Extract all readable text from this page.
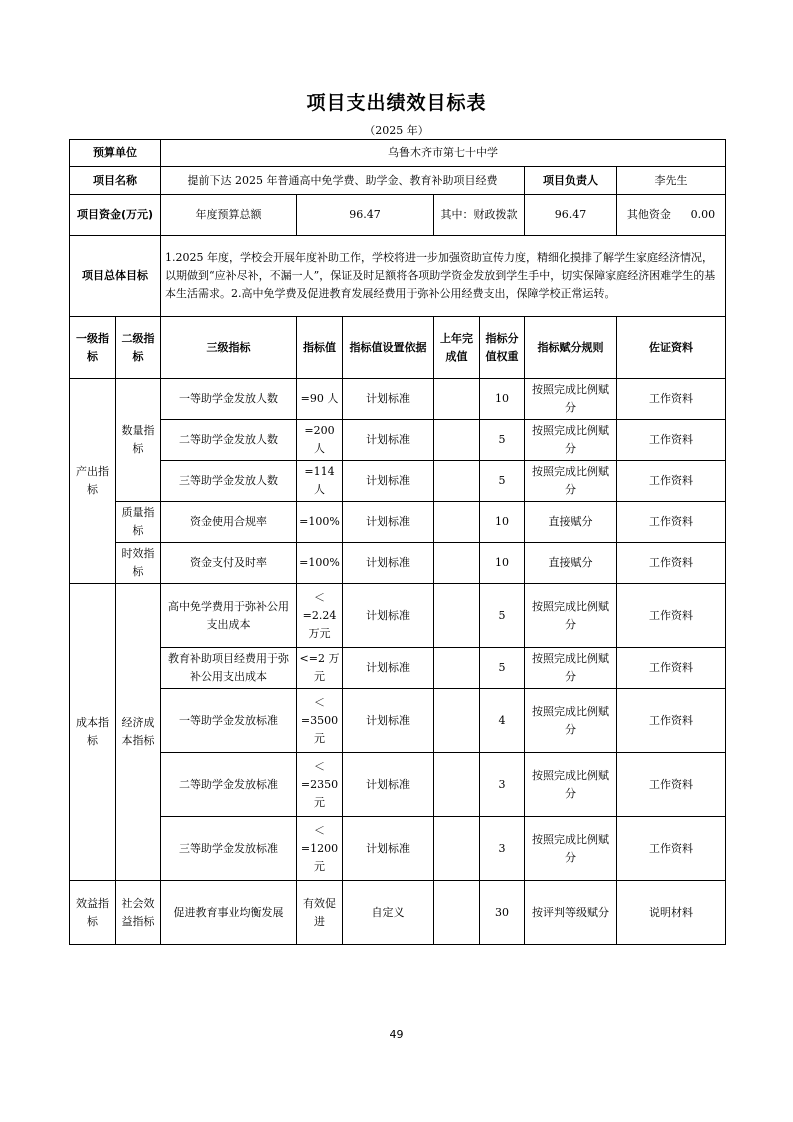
项目支出绩效目标表
（2025 年）
预算单位		乌鲁木齐市第七十中学						
项目名称		提前下达 2025 年普通高中免学费、助学金、教育补助项目经费					项目负责人	李先生
项目资金(万元)		年度预算总额	96.47		其中：财政拨款		96.47	其他资金 0.00

项目总体目标		1.2025 年度，学校会开展年度补助工作，学校将进一步加强资助宣传力度，精细化摸排了解学生家庭经济情况，以期做到“应补尽补，不漏一人”，保证及时足额将各项助学资金发放到学生手中，切实保障家庭经济困难学生的基本生活需求。2.高中免学费及促进教育发展经费用于弥补公用经费支出，保障学校正常运转。						
一级指标	二级指标	三级指标	指标值	指标值设置依据	上年完成值	指标分值权重	指标赋分规则	佐证资料
产出指标	数量指标	一等助学金发放人数	=90 人	计划标准		10	按照完成比例赋分	工作资料
		二等助学金发放人数	=200 人	计划标准		5	按照完成比例赋分	工作资料
		三等助学金发放人数	=114 人	计划标准		5	按照完成比例赋分	工作资料
	质量指标	资金使用合规率	=100%	计划标准		10	直接赋分	工作资料
	时效指标	资金支付及时率	=100%	计划标准		10	直接赋分	工作资料
成本指标	经济成本指标	高中免学费用于弥补公用支出成本	＜=2.24 万元	计划标准		5	按照完成比例赋分	工作资料
		教育补助项目经费用于弥补公用支出成本	<=2 万元	计划标准		5	按照完成比例赋分	工作资料
		一等助学金发放标准	＜=3500 元	计划标准		4	按照完成比例赋分	工作资料
		二等助学金发放标准	＜=2350 元	计划标准		3	按照完成比例赋分	工作资料
		三等助学金发放标准	＜=1200 元	计划标准		3	按照完成比例赋分	工作资料
效益指标	社会效益指标	促进教育事业均衡发展	有效促进	自定义		30	按评判等级赋分	说明材料
49
